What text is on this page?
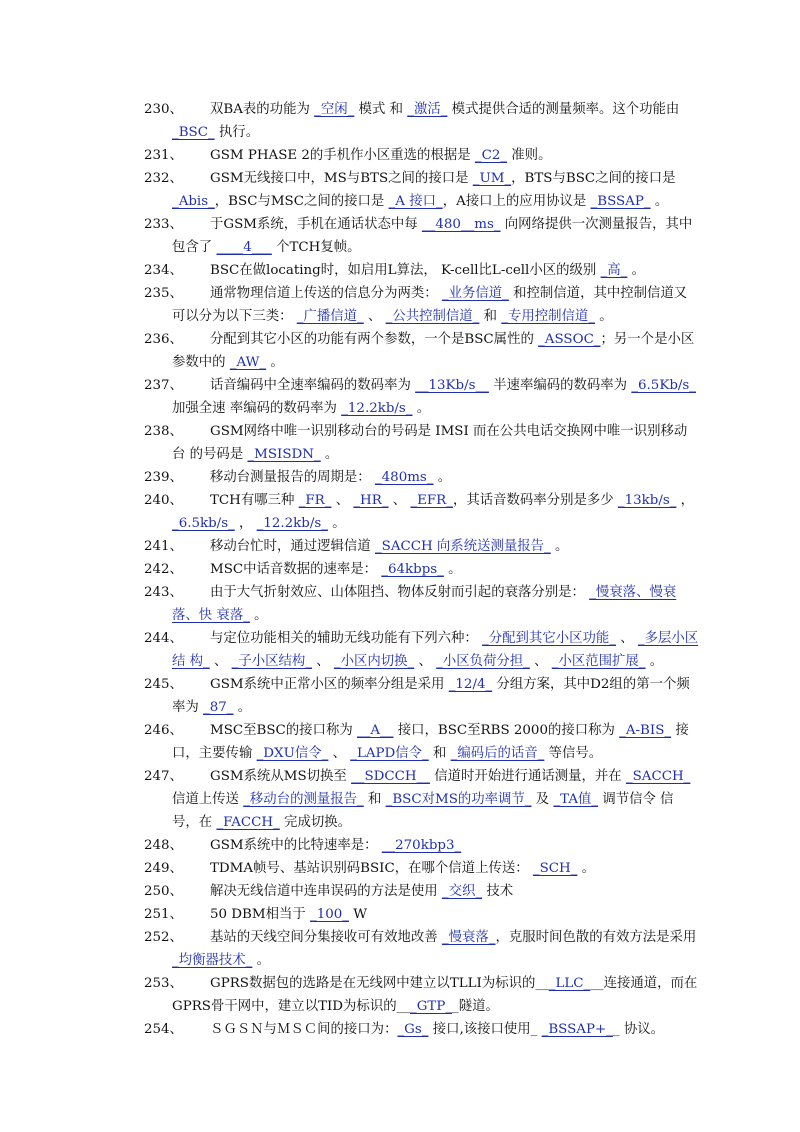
230、 双BA表的功能为 _空闲_ 模式 和 _激活_ 模式提供合适的测量频率。这个功能由 _BSC_ 执行。
231、 GSM PHASE 2的手机作小区重选的根据是 _C2_ 准则。
232、 GSM无线接口中，MS与BTS之间的接口是 _UM_，BTS与BSC之间的接口是 _Abis_，BSC与MSC之间的接口是 _A 接口_，A接口上的应用协议是 _BSSAP_ 。
233、 于GSM系统，手机在通话状态中每 __480__ms_ 向网络提供一次测量报告，其中包含了 ____4___ 个TCH复帧。
234、 BSC在做locating时，如启用L算法， K-cell比L-cell小区的级别 _高_ 。
235、 通常物理信道上传送的信息分为两类： _业务信道_ 和控制信道，其中控制信道又可以分为以下三类： _广播信道_ 、 _公共控制信道_ 和 _专用控制信道_ 。
236、 分配到其它小区的功能有两个参数，一个是BSC属性的 _ASSOC_；另一个是小区参数中的 _AW_ 。
237、 话音编码中全速率编码的数码率为 __13Kb/s__ 半速率编码的数码率为 _6.5Kb/s_ 加强全速 率编码的数码率为 _12.2kb/s_ 。
238、 GSM网络中唯一识别移动台的号码是 IMSI 而在公共电话交换网中唯一识别移动台 的号码是 _MSISDN_ 。
239、 移动台测量报告的周期是： _480ms_ 。
240、 TCH有哪三种 _FR_ 、 _HR_ 、 _EFR_，其话音数码率分别是多少 _13kb/s_ ， _6.5kb/s_ ， _12.2kb/s_ 。
241、 移动台忙时，通过逻辑信道 _SACCH 向系统送测量报告_ 。
242、 MSC中话音数据的速率是： _64kbps_ 。
243、 由于大气折射效应、山体阻挡、物体反射而引起的衰落分别是： _慢衰落、慢衰落、快 衰落_ 。
244、 与定位功能相关的辅助无线功能有下列六种： _分配到其它小区功能_ 、 _多层小区结 构_ 、 _子小区结构_ 、 _小区内切换_ 、 _小区负荷分担_ 、 _小区范围扩展_ 。
245、 GSM系统中正常小区的频率分组是采用 _12/4_ 分组方案，其中D2组的第一个频率为 _87_ 。
246、 MSC至BSC的接口称为 __A__ 接口，BSC至RBS 2000的接口称为 _A-BIS_ 接 口，主要传输 _DXU信令_ 、 _LAPD信令_ 和 _编码后的话音_ 等信号。
247、 GSM系统从MS切换至 __SDCCH__ 信道时开始进行通话测量，并在 _SACCH_ 信道上传送 _移动台的测量报告_ 和 _BSC对MS的功率调节_ 及 _TA值_ 调节信令 信号，在 _FACCH_ 完成切换。
248、 GSM系统中的比特速率是： __270kbp3_
249、 TDMA帧号、基站识别码BSIC，在哪个信道上传送： _SCH_ 。
250、 解决无线信道中连串误码的方法是使用 _交织_ 技术
251、 50 DBM相当于 _100_ W
252、 基站的天线空间分集接收可有效地改善 _慢衰落_，克服时间色散的有效方法是采用 _均衡器技术_ 。
253、 GPRS数据包的选路是在无线网中建立以TLLI为标识的___LLC___连接通道，而在GPRS骨干网中，建立以TID为标识的___GTP__隧道。
254、 ＳＧＳＮ与ＭＳＣ间的接口为：_Gs_ 接口,该接口使用_ _BSSAP+__ 协议。
